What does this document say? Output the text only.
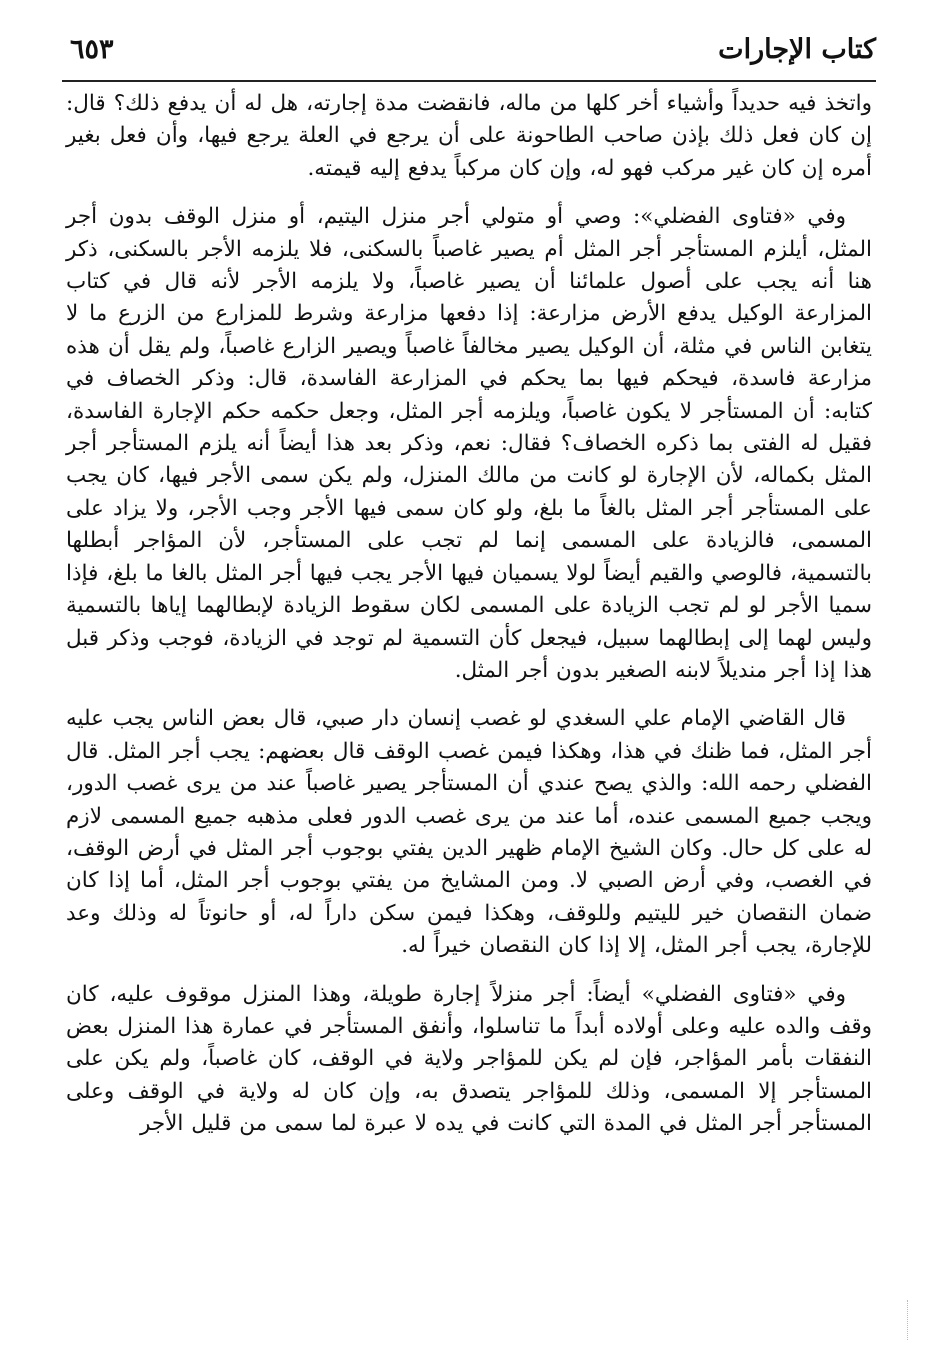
كتاب الإجارات
٦٥٣

واتخذ فيه حديداً وأشياء أخر كلها من ماله، فانقضت مدة إجارته، هل له أن يدفع ذلك؟ قال: إن كان فعل ذلك بإذن صاحب الطاحونة على أن يرجع في العلة يرجع فيها، وأن فعل بغير أمره إن كان غير مركب فهو له، وإن كان مركباً يدفع إليه قيمته.

وفي «فتاوى الفضلي»: وصي أو متولي أجر منزل اليتيم، أو منزل الوقف بدون أجر المثل، أيلزم المستأجر أجر المثل أم يصير غاصباً بالسكنى، فلا يلزمه الأجر بالسكنى، ذكر هنا أنه يجب على أصول علمائنا أن يصير غاصباً، ولا يلزمه الأجر لأنه قال في كتاب المزارعة الوكيل يدفع الأرض مزارعة: إذا دفعها مزارعة وشرط للمزارع من الزرع ما لا يتغابن الناس في مثلة، أن الوكيل يصير مخالفاً غاصباً ويصير الزارع غاصباً، ولم يقل أن هذه مزارعة فاسدة، فيحكم فيها بما يحكم في المزارعة الفاسدة، قال: وذكر الخصاف في كتابه: أن المستأجر لا يكون غاصباً، ويلزمه أجر المثل، وجعل حكمه حكم الإجارة الفاسدة، فقيل له الفتى بما ذكره الخصاف؟ فقال: نعم، وذكر بعد هذا أيضاً أنه يلزم المستأجر أجر المثل بكماله، لأن الإجارة لو كانت من مالك المنزل، ولم يكن سمى الأجر فيها، كان يجب على المستأجر أجر المثل بالغاً ما بلغ، ولو كان سمى فيها الأجر وجب الأجر، ولا يزاد على المسمى، فالزيادة على المسمى إنما لم تجب على المستأجر، لأن المؤاجر أبطلها بالتسمية، فالوصي والقيم أيضاً لولا يسميان فيها الأجر يجب فيها أجر المثل بالغا ما بلغ، فإذا سميا الأجر لو لم تجب الزيادة على المسمى لكان سقوط الزيادة لإبطالهما إياها بالتسمية وليس لهما إلى إبطالهما سبيل، فيجعل كأن التسمية لم توجد في الزيادة، فوجب وذكر قبل هذا إذا أجر منديلاً لابنه الصغير بدون أجر المثل.

قال القاضي الإمام علي السغدي لو غصب إنسان دار صبي، قال بعض الناس يجب عليه أجر المثل، فما ظنك في هذا، وهكذا فيمن غصب الوقف قال بعضهم: يجب أجر المثل. قال الفضلي رحمه الله: والذي يصح عندي أن المستأجر يصير غاصباً عند من يرى غصب الدور، ويجب جميع المسمى عنده، أما عند من يرى غصب الدور فعلى مذهبه جميع المسمى لازم له على كل حال. وكان الشيخ الإمام ظهير الدين يفتي بوجوب أجر المثل في أرض الوقف، في الغصب، وفي أرض الصبي لا. ومن المشايخ من يفتي بوجوب أجر المثل، أما إذا كان ضمان النقصان خير لليتيم وللوقف، وهكذا فيمن سكن داراً له، أو حانوتاً له وذلك وعد للإجارة، يجب أجر المثل، إلا إذا كان النقصان خيراً له.

وفي «فتاوى الفضلي» أيضاً: أجر منزلاً إجارة طويلة، وهذا المنزل موقوف عليه، كان وقف والده عليه وعلى أولاده أبداً ما تناسلوا، وأنفق المستأجر في عمارة هذا المنزل بعض النفقات بأمر المؤاجر، فإن لم يكن للمؤاجر ولاية في الوقف، كان غاصباً، ولم يكن على المستأجر إلا المسمى، وذلك للمؤاجر يتصدق به، وإن كان له ولاية في الوقف وعلى المستأجر أجر المثل في المدة التي كانت في يده لا عبرة لما سمى من قليل الأجر
